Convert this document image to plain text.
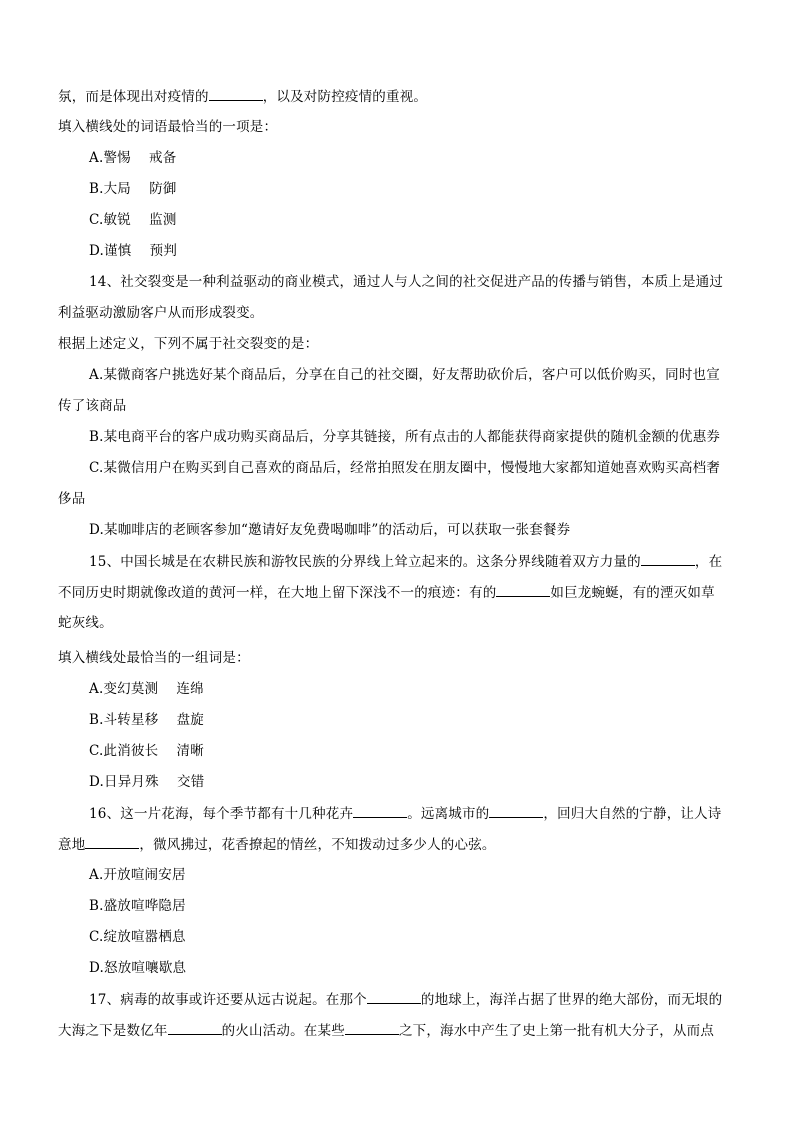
氛，而是体现出对疫情的	，以及对防控疫情的重视。
填入横线处的词语最恰当的一项是：
A.警惕　 戒备
B.大局　 防御
C.敏锐　 监测
D.谨慎　 预判
14、社交裂变是一种利益驱动的商业模式，通过人与人之间的社交促进产品的传播与销售，本质上是通过
利益驱动激励客户从而形成裂变。
根据上述定义，下列不属于社交裂变的是：
A.某微商客户挑选好某个商品后，分享在自己的社交圈，好友帮助砍价后，客户可以低价购买，同时也宣
传了该商品
B.某电商平台的客户成功购买商品后，分享其链接，所有点击的人都能获得商家提供的随机金额的优惠券
C.某微信用户在购买到自己喜欢的商品后，经常拍照发在朋友圈中，慢慢地大家都知道她喜欢购买高档奢
侈品
D.某咖啡店的老顾客参加“邀请好友免费喝咖啡”的活动后，可以获取一张套餐券
15、中国长城是在农耕民族和游牧民族的分界线上耸立起来的。这条分界线随着双方力量的	，在
不同历史时期就像改道的黄河一样，在大地上留下深浅不一的痕迹：有的	如巨龙蜿蜒，有的湮灭如草
蛇灰线。
填入横线处最恰当的一组词是：
A.变幻莫测　 连绵
B.斗转星移　 盘旋
C.此消彼长　 清晰
D.日异月殊　 交错
16、这一片花海，每个季节都有十几种花卉	。远离城市的	，回归大自然的宁静，让人诗
意地	，微风拂过，花香撩起的情丝，不知拨动过多少人的心弦。
A.开放喧闹安居
B.盛放喧哗隐居
C.绽放喧嚣栖息
D.怒放喧嚷歇息
17、病毒的故事或许还要从远古说起。在那个	的地球上，海洋占据了世界的绝大部份，而无垠的
大海之下是数亿年	的火山活动。在某些	之下，海水中产生了史上第一批有机大分子，从而点
